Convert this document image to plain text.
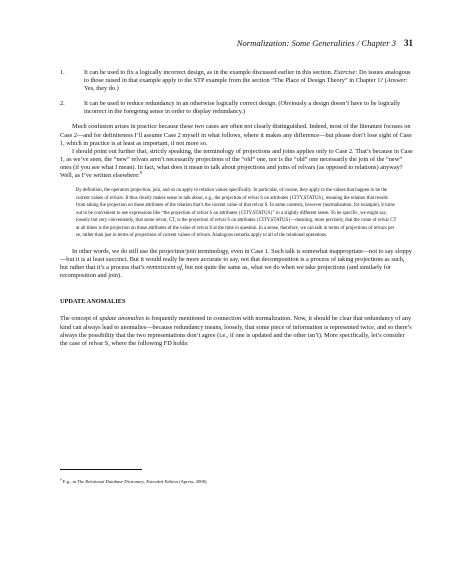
Normalization: Some Generalities / Chapter 3 31
1.	It can be used to fix a logically incorrect design, as in the example discussed earlier in this section. Exercise: Do issues analogous to those raised in that example apply to the STP example from the section “The Place of Design Theory” in Chapter 1? (Answer: Yes, they do.)
2.	It can be used to reduce redundancy in an otherwise logically correct design. (Obviously a design doesn’t have to be logically incorrect in the foregoing sense in order to display redundancy.)

Much confusion arises in practice because these two cases are often not clearly distinguished. Indeed, most of the literature focuses on Case 2—and for definiteness I’ll assume Case 2 myself in what follows, where it makes any difference—but please don’t lose sight of Case 1, which in practice is at least as important, if not more so.

I should point out further that, strictly speaking, the terminology of projections and joins applies only to Case 2. That’s because in Case 1, as we’ve seen, the “new” relvars aren’t necessarily projections of the “old” one, nor is the “old” one necessarily the join of the “new” ones (if you see what I mean). In fact, what does it mean to talk about projections and joins of relvars (as opposed to relations) anyway? Well, as I’ve written elsewhere:$^9$

By definition, the operators projection, join, and so on apply to relation values specifically. In particular, of course, they apply to the values that happen to be the current values of relvars. It thus clearly makes sense to talk about, e.g., the projection of relvar S on attributes {CITY,STATUS}, meaning the relation that results from taking the projection on those attributes of the relation that’s the current value of that relvar S. In some contexts, however (normalization, for example), it turns out to be convenient to use expressions like “the projection of relvar S on attributes {CITY,STATUS}” in a slightly different sense. To be specific, we might say, loosely but very conveniently, that some relvar, CT, is the projection of relvar S on attributes {CITY,STATUS}—meaning, more precisely, that the value of relvar CT at all times is the projection on those attributes of the value of relvar S at the time in question. In a sense, therefore, we can talk in terms of projections of relvars per se, rather than just in terms of projections of current values of relvars. Analogous remarks apply to all of the relational operations.

In other words, we do still use the projection/join terminology, even in Case 1. Such talk is somewhat inappropriate—not to say sloppy—but it is at least succinct. But it would really be more accurate to say, not that decomposition is a process of taking projections as such, but rather that it’s a process that’s reminiscent of, but not quite the same as, what we do when we take projections (and similarly for recomposition and join).

UPDATE ANOMALIES

The concept of update anomalies is frequently mentioned in connection with normalization. Now, it should be clear that redundancy of any kind can always lead to anomalies—because redundancy means, loosely, that some piece of information is represented twice, and so there’s always the possibility that the two representations don’t agree (i.e., if one is updated and the other isn’t). More specifically, let’s consider the case of relvar S, where the following FD holds:

$^9$ E.g., in The Relational Database Dictionary, Extended Edition (Apress, 2008).
